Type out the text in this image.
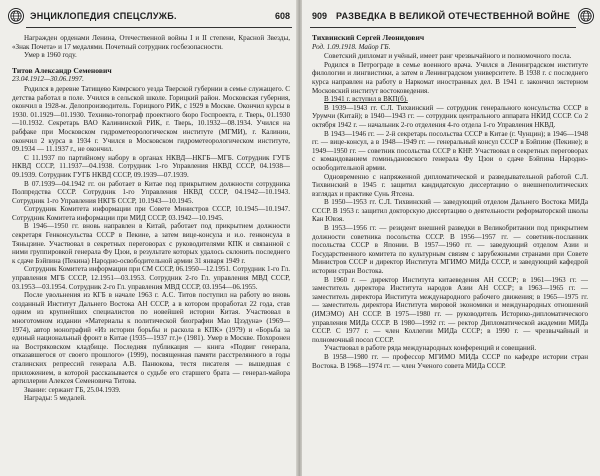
ЭНЦИКЛОПЕДИЯ СПЕЦСЛУЖБ.	608

Награжден орденами Ленина, Отечественной войны I и II степени, Красной Звезды, «Знак Почета» и 17 медалями. Почетный сотрудник госбезопасности.

Умер в 1960 году.

Титов Александр Семенович

23.04.1912—30.06.1997.

Родился в деревне Татищево Кимрского уезда Тверской губернии в семье служащего. С детства работал в поле. Учился в сельской школе. Горицкий район. Московская губерния, окончил в 1928-м. Делопроизводитель. Горицкого РИК, с 1929 в Москве. Окончил курсы в 1930. 01.1929—01.1930. Технико-топограф проектного бюро Госпроекта, г. Тверь, 01.1930—10.1932. Секретарь ВАО Калининской РИК, г. Тверь, 10.1932—08.1934. Учился на рабфаке при Московском гидрометеорологическом институте (МГМИ), г. Калинин, окончил 2 курса в 1934 г. Учился в Московском гидрометеорологическом институте, 09.1934 — 11.1937 г., не окончил.

С 11.1937 по партийному набору в органах НКВД—НКГБ—МГБ. Сотрудник ГУГБ НКВД СССР, 11.1937—04.1938. Сотрудник 1-го Управления НКВД СССР, 04.1938—09.1939. Сотрудник ГУГБ НКВД СССР, 09.1939—07.1939.

В 07.1939—04.1942 гг. он работает в Китае под прикрытием должности сотрудника Полпредства СССР. Сотрудник 1-го Управления НКВД СССР, 04.1942—10.1943. Сотрудник 1-го Управления НКГБ СССР, 10.1943—10.1945.

Сотрудник Комитета информации при Совете Министров СССР, 10.1945—10.1947. Сотрудник Комитета информации при МИД СССР, 03.1942—10.1945.

В 1946—1950 гг. вновь направлен в Китай, работает под прикрытием должности секретаря Генконсульства СССР в Пекине, а затем вице-консула и и.о. генконсула в Тяньцзине. Участвовал в секретных переговорах с руководителями КПК и связанной с ними группировкой генерала Фу Цзои, в результате которых удалось склонить последнего к сдаче Бэйпина (Пекина) Народно-освободительной армии 31 января 1949 г.

Сотрудник Комитета информации при СМ СССР, 06.1950—12.1951. Сотрудник 1-го Гл. управления МГБ СССР, 12.1951—03.1953. Сотрудник 2-го Гл. управления МВД СССР, 03.1953—03.1954. Сотрудник 2-го Гл. управления МВД СССР, 03.1954—06.1955.

После увольнения из КГБ в начале 1963 г. А.С. Титов поступил на работу во вновь созданный Институт Дальнего Востока АН СССР, а в котором проработал 22 года, став одним из крупнейших специалистов по новейшей истории Китая. Участвовал в многотомном издании «Материалы к политической биографии Мао Цзэдуна» (1969—1974), автор монографий «Из истории борьбы и раскола в КПК» (1979) и «Борьба за единый национальный фронт в Китае (1935—1937 гг.)» (1981). Умер в Москве. Похоронен на Востряковском кладбище. Последняя публикация — книга «Подвиг генерала, отказавшегося от своего прошлого» (1999), посвященная памяти расстрелянного в годы сталинских репрессий генерала А.В. Панюкова, тестя писателя — вышедшая с приложением, в которой рассказывается о судьбе его старшего брата — генерал-майора артиллерии Алексея Семеновича Титова.

Звание: сержант ГБ, 25.04.1939.

Награды: 5 медалей.

909 РАЗВЕДКА В ВЕЛИКОЙ ОТЕЧЕСТВЕННОЙ ВОЙНЕ

Тихвинский Сергей Леонидович

Род. 1.09.1918. Майор ГБ.

Советский дипломат и учёный, имеет ранг чрезвычайного и полномочного посла.

Родился в Петрограде в семье военного врача. Учился в Ленинградском институте филологии и лингвистики, а затем в Ленинградском университете. В 1938 г. с последнего курса направлен на работу в Наркомат иностранных дел. В 1941 г. закончил экстерном Московский институт востоковедения.

В 1941 г. вступил в ВКП(б).

В 1939—1943 гг. С.Л. Тихвинский — сотрудник генерального консульства СССР в Урумчи (Китай); в 1940—1943 гг. — сотрудник центрального аппарата НКИД СССР. Со 2 октября 1942 г. — начальник 2-го отделения 4-го отдела 1-го Управления НКВД.

В 1943—1946 гг. — 2-й секретарь посольства СССР в Китае (г. Чунцин); в 1946—1948 гг. — вице-консул, а в 1948—1949 гг. — генеральный консул СССР в Бэйпине (Пекине); в 1949—1950 гг. — советник посольства СССР в КНР. Участвовал в секретных переговорах с командованием гоминьдановского генерала Фу Цзои о сдаче Бэйпина Народно-освободительной армии.

Одновременно с напряженной дипломатической и разведывательной работой С.Л. Тихвинский в 1945 г. защитил кандидатскую диссертацию о внешнеполитических взглядах и практике Сунь Ятсена.

В 1950—1953 гг. С.Л. Тихвинский — заведующий отделом Дальнего Востока МИДа СССР. В 1953 г. защитил докторскую диссертацию о деятельности реформаторской школы Кан Ювэя.

В 1953—1956 гг. — резидент внешней разведки в Великобритании под прикрытием должности советника посольства СССР. В 1956—1957 гг. — советник-посланник посольства СССР в Японии. В 1957—1960 гг. — заведующий отделом Азии и Государственного комитета по культурным связям с зарубежными странами при Совете Министров СССР и директор Института МГИМО МИДа СССР, и заведующий кафедрой истории стран Востока.

В 1960 г. — директор Института китаеведения АН СССР; в 1961—1963 гг. — заместитель директора Института народов Азии АН СССР; в 1963—1965 гг. — заместитель директора Института международного рабочего движения; в 1965—1975 гг. — заместитель директора Института мировой экономики и международных отношений (ИМЭМО) АН СССР. В 1975—1980 гг. — руководитель Историко-дипломатического управления МИДа СССР. В 1980—1992 гг. — ректор Дипломатической академии МИДа СССР. С 1977 г. — член Коллегии МИДа СССР; в 1990 г. — чрезвычайный и полномочный посол СССР.

Участвовал в работе ряда международных конференций и совещаний.

В 1958—1980 гг. — профессор МГИМО МИДа СССР по кафедре истории стран Востока. В 1968—1974 гг. — член Ученого совета МИДа СССР.
